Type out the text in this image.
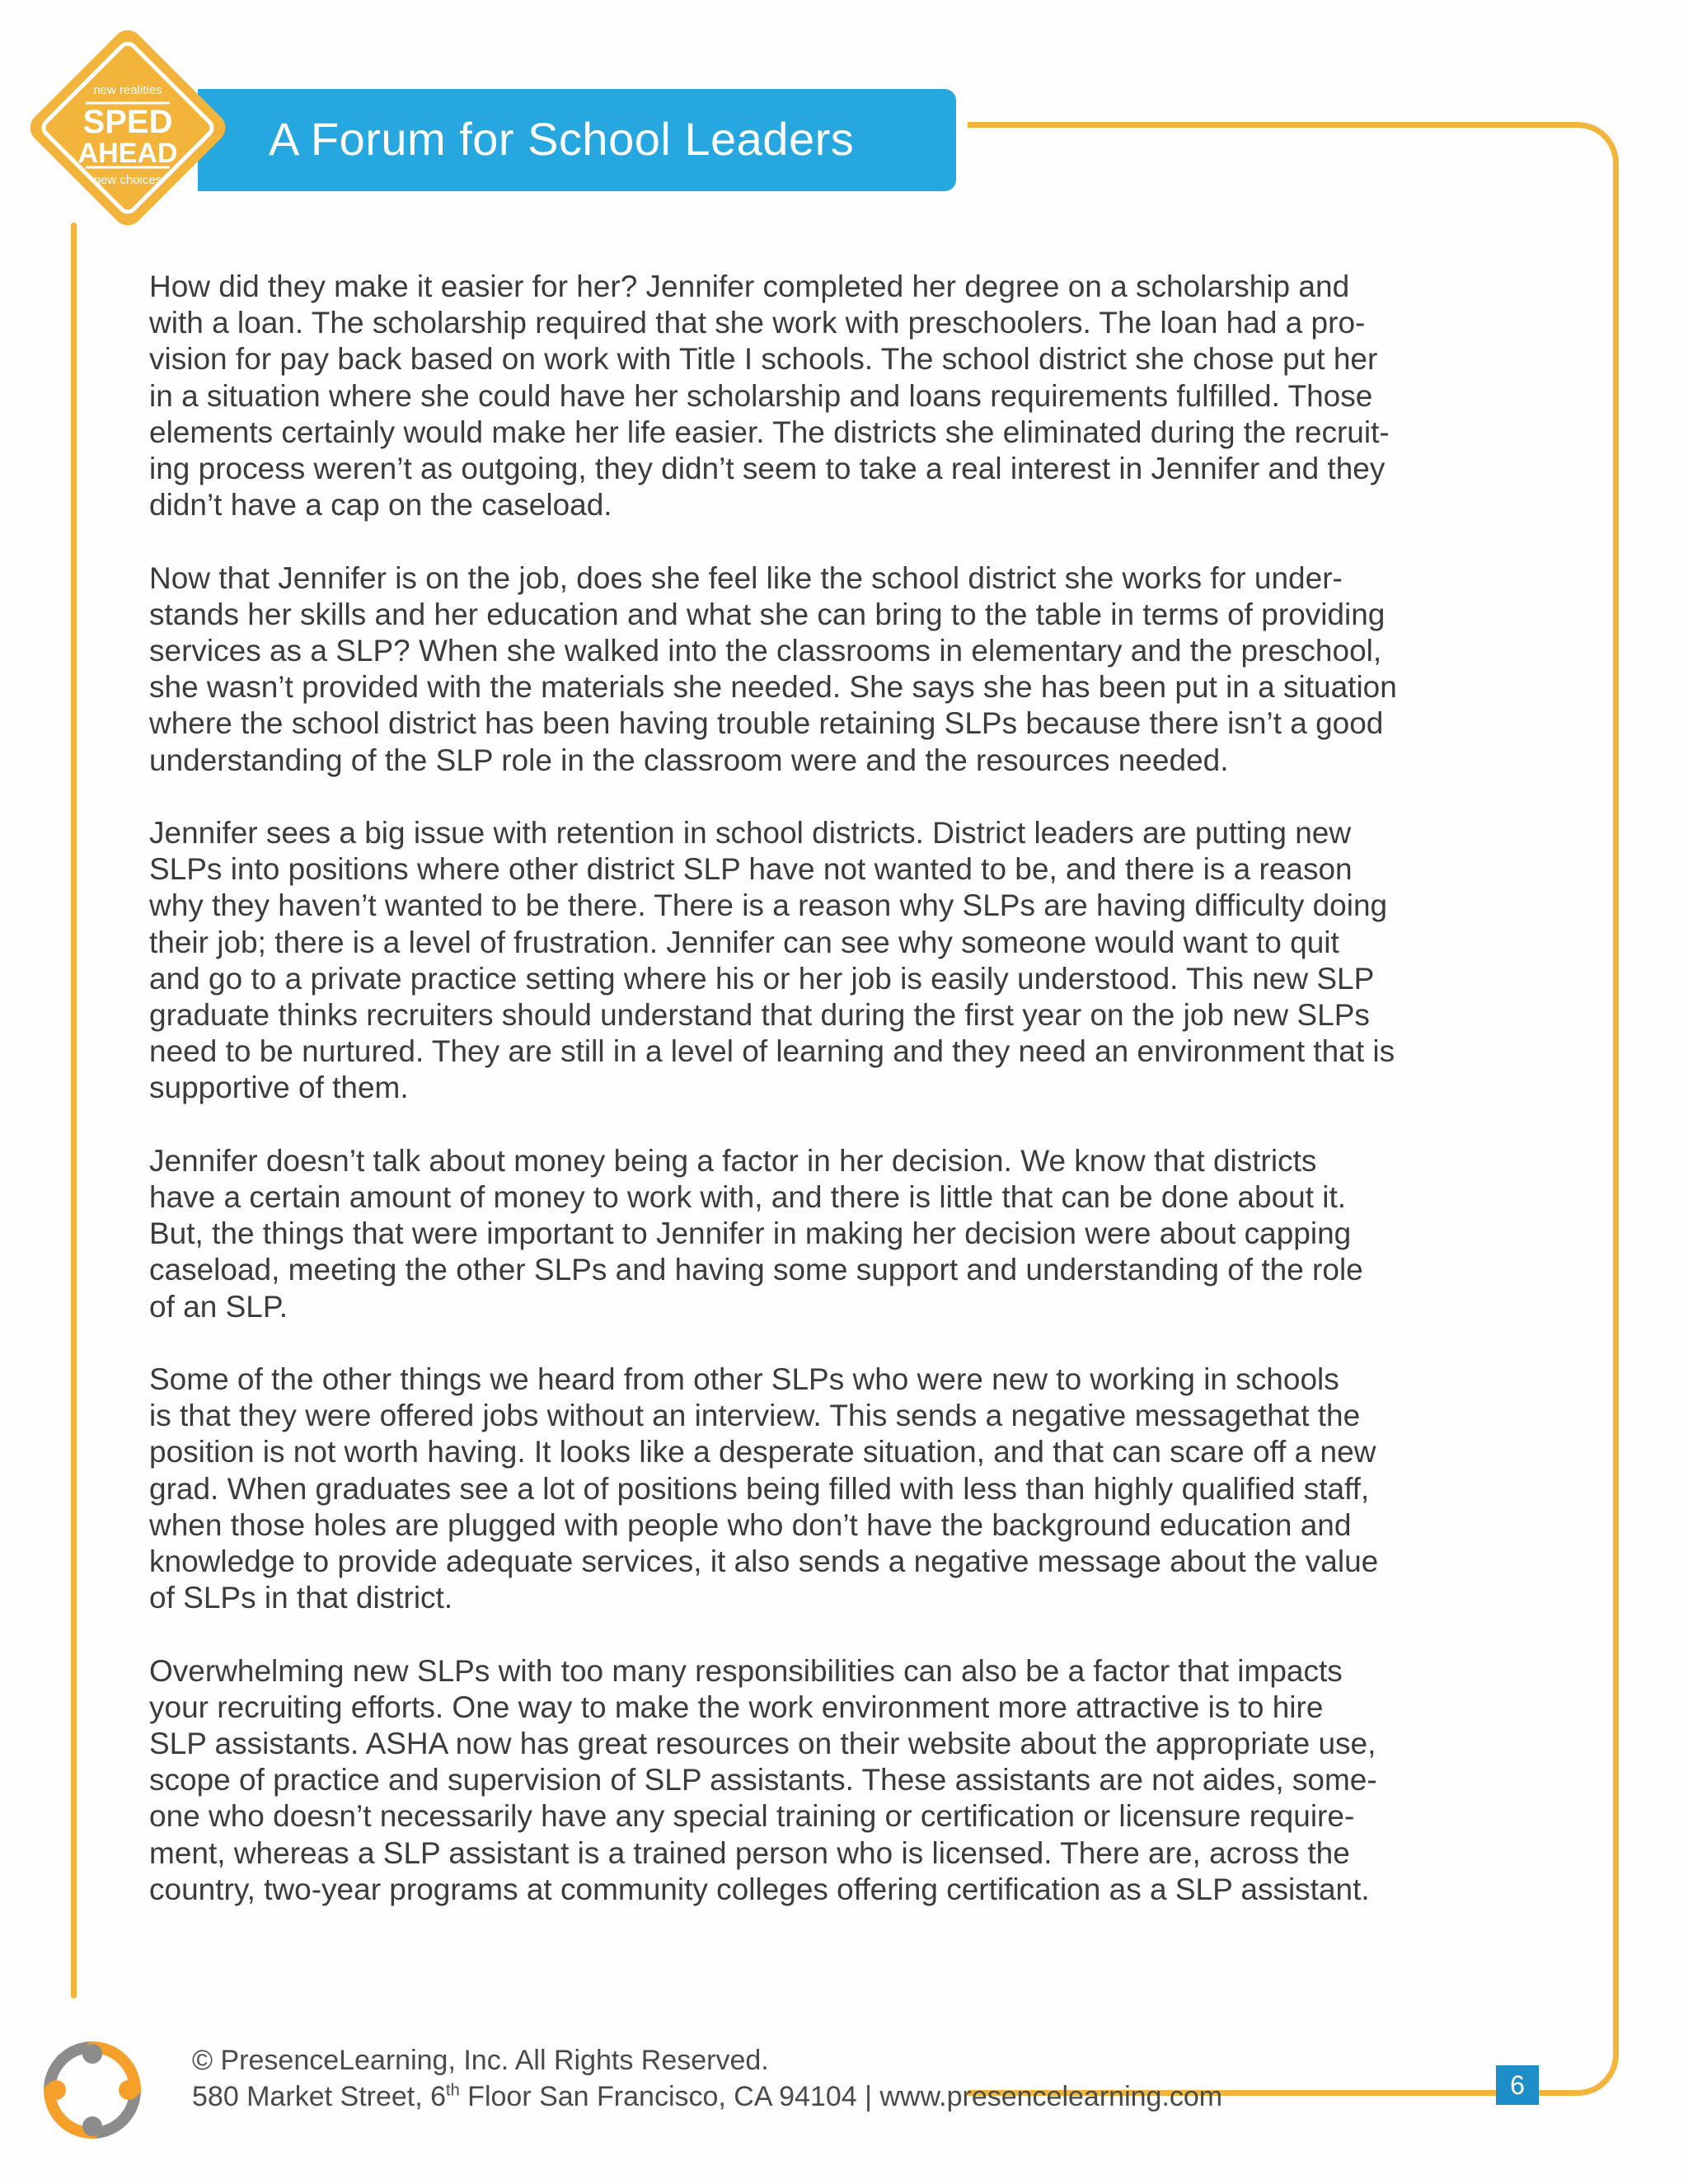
A Forum for School Leaders
new realities
SPED
AHEAD
new choices

How did they make it easier for her? Jennifer completed her degree on a scholarship and
with a loan. The scholarship required that she work with preschoolers. The loan had a pro-
vision for pay back based on work with Title I schools. The school district she chose put her
in a situation where she could have her scholarship and loans requirements fulfilled. Those
elements certainly would make her life easier. The districts she eliminated during the recruit-
ing process weren’t as outgoing, they didn’t seem to take a real interest in Jennifer and they
didn’t have a cap on the caseload.

Now that Jennifer is on the job, does she feel like the school district she works for under-
stands her skills and her education and what she can bring to the table in terms of providing
services as a SLP? When she walked into the classrooms in elementary and the preschool,
she wasn’t provided with the materials she needed. She says she has been put in a situation
where the school district has been having trouble retaining SLPs because there isn’t a good
understanding of the SLP role in the classroom were and the resources needed.

Jennifer sees a big issue with retention in school districts. District leaders are putting new
SLPs into positions where other district SLP have not wanted to be, and there is a reason
why they haven’t wanted to be there. There is a reason why SLPs are having difficulty doing
their job; there is a level of frustration. Jennifer can see why someone would want to quit
and go to a private practice setting where his or her job is easily understood. This new SLP
graduate thinks recruiters should understand that during the first year on the job new SLPs
need to be nurtured. They are still in a level of learning and they need an environment that is
supportive of them.

Jennifer doesn’t talk about money being a factor in her decision. We know that districts
have a certain amount of money to work with, and there is little that can be done about it.
But, the things that were important to Jennifer in making her decision were about capping
caseload, meeting the other SLPs and having some support and understanding of the role
of an SLP.

Some of the other things we heard from other SLPs who were new to working in schools
is that they were offered jobs without an interview. This sends a negative messagethat the
position is not worth having. It looks like a desperate situation, and that can scare off a new
grad. When graduates see a lot of positions being filled with less than highly qualified staff,
when those holes are plugged with people who don’t have the background education and
knowledge to provide adequate services, it also sends a negative message about the value
of SLPs in that district.

Overwhelming new SLPs with too many responsibilities can also be a factor that impacts
your recruiting efforts. One way to make the work environment more attractive is to hire
SLP assistants. ASHA now has great resources on their website about the appropriate use,
scope of practice and supervision of SLP assistants. These assistants are not aides, some-
one who doesn’t necessarily have any special training or certification or licensure require-
ment, whereas a SLP assistant is a trained person who is licensed. There are, across the
country, two-year programs at community colleges offering certification as a SLP assistant.

© PresenceLearning, Inc. All Rights Reserved.
580 Market Street, 6th Floor San Francisco, CA 94104 | www.presencelearning.com	6
